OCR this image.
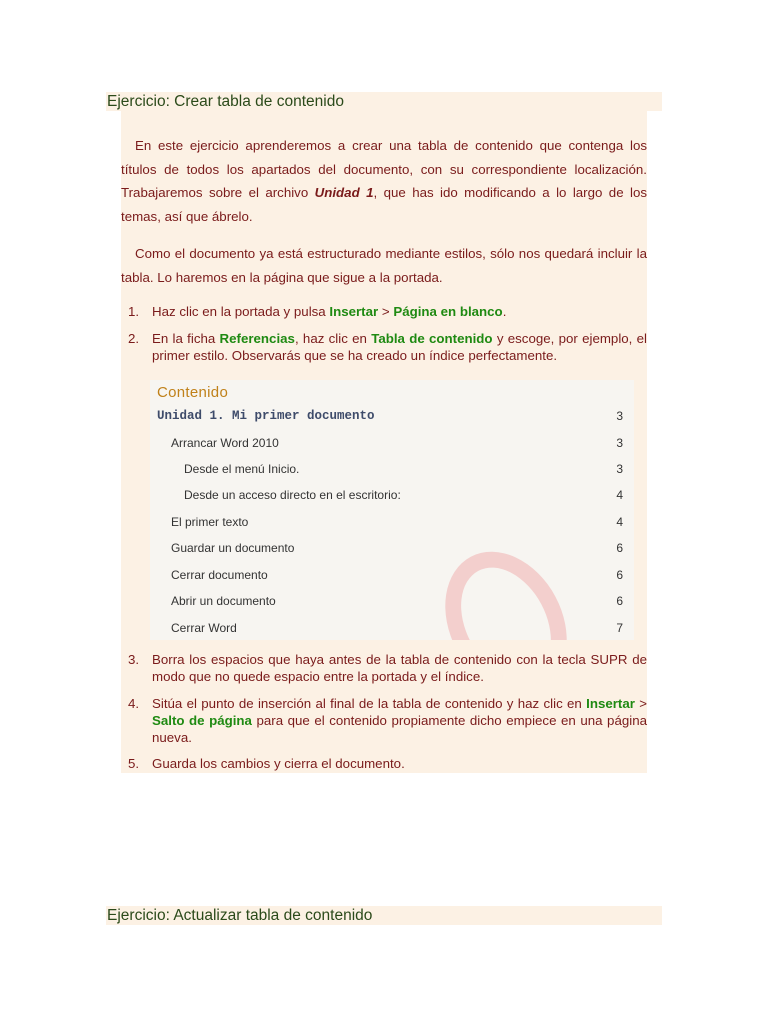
Ejercicio: Crear tabla de contenido

En este ejercicio aprenderemos a crear una tabla de contenido que contenga los títulos de todos los apartados del documento, con su correspondiente localización. Trabajaremos sobre el archivo Unidad 1, que has ido modificando a lo largo de los temas, así que ábrelo.

Como el documento ya está estructurado mediante estilos, sólo nos quedará incluir la tabla. Lo haremos en la página que sigue a la portada.

1. Haz clic en la portada y pulsa Insertar > Página en blanco.
2. En la ficha Referencias, haz clic en Tabla de contenido y escoge, por ejemplo, el primer estilo. Observarás que se ha creado un índice perfectamente.
Contenido
Unidad 1. Mi primer documento	3
Arrancar Word 2010	3
Desde el menú Inicio.	3
Desde un acceso directo en el escritorio:	4
El primer texto	4
Guardar un documento	6
Cerrar documento	6
Abrir un documento	6
Cerrar Word	7
3. Borra los espacios que haya antes de la tabla de contenido con la tecla SUPR de modo que no quede espacio entre la portada y el índice.
4. Sitúa el punto de inserción al final de la tabla de contenido y haz clic en Insertar > Salto de página para que el contenido propiamente dicho empiece en una página nueva.
5. Guarda los cambios y cierra el documento.
Ejercicio: Actualizar tabla de contenido
